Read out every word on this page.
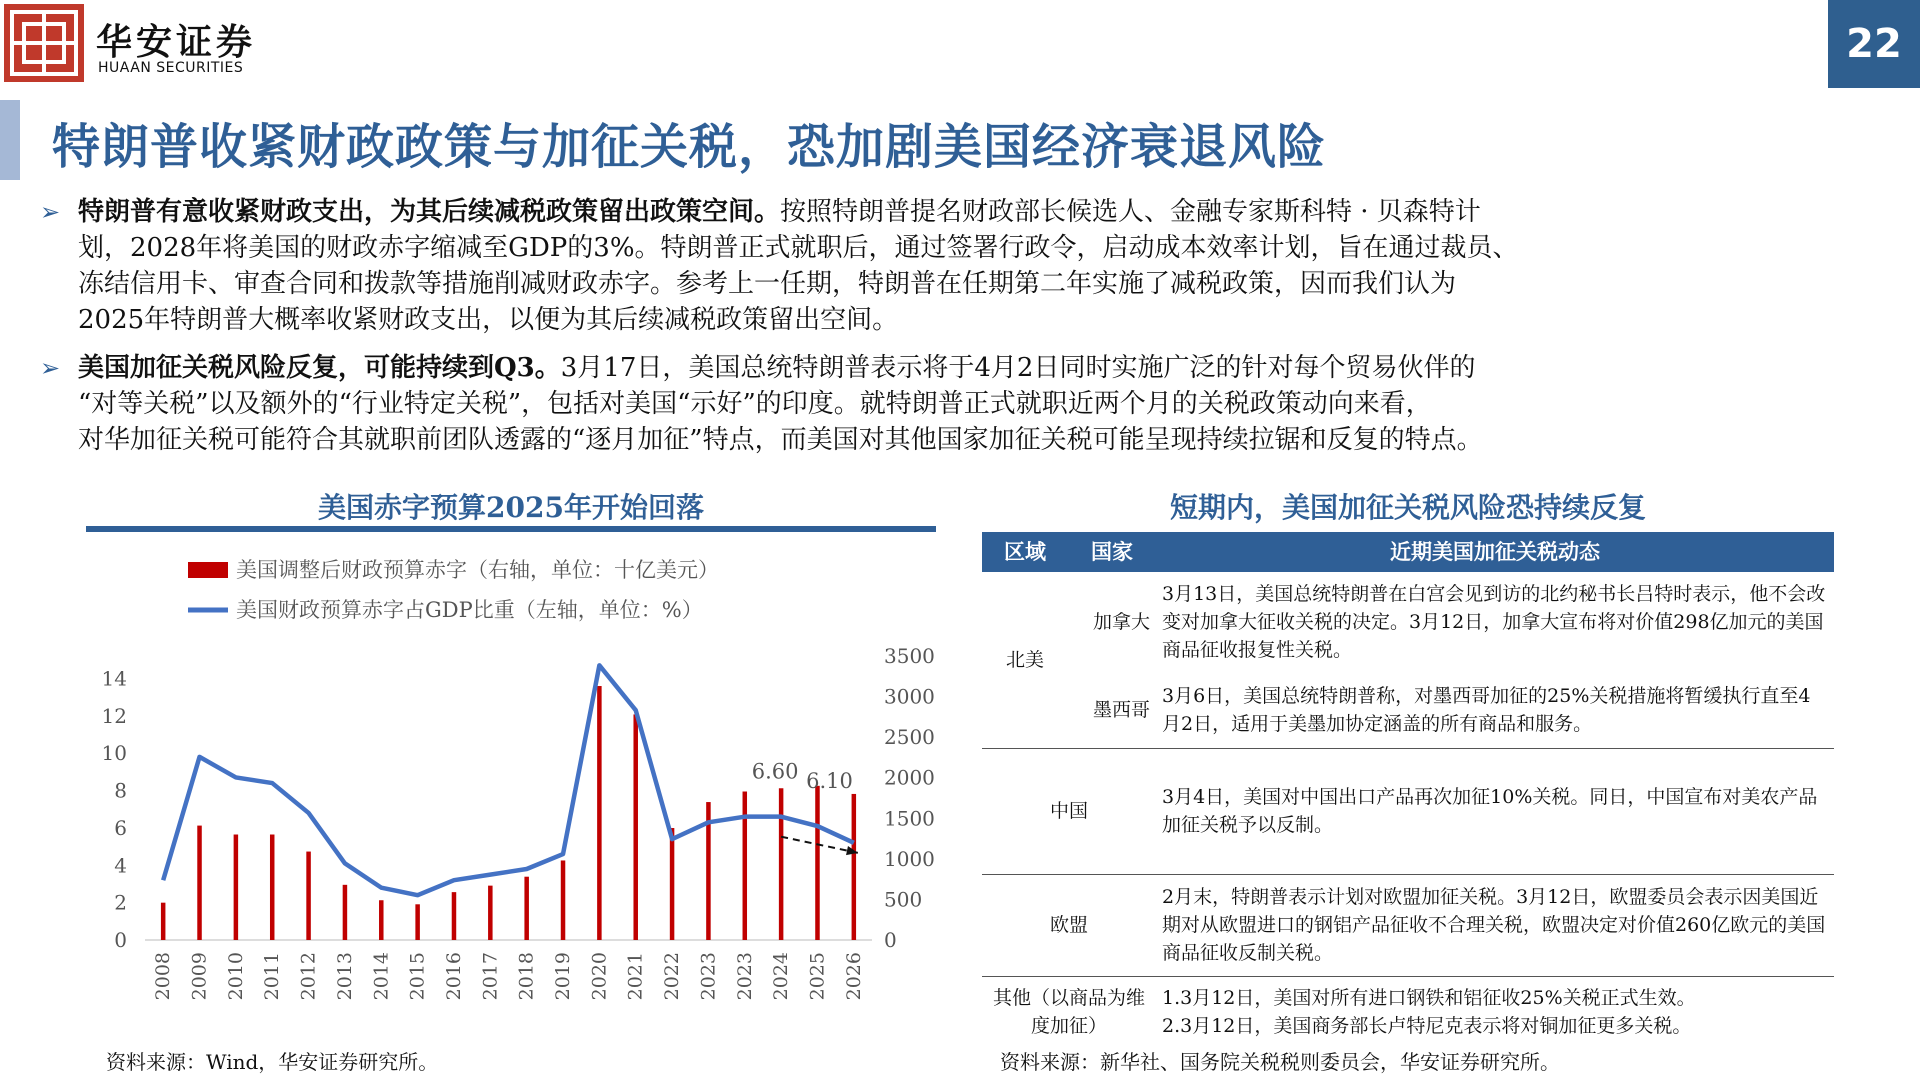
华安证券
HUAAN SECURITIES
22
特朗普收紧财政政策与加征关税，恐加剧美国经济衰退风险
➢ 特朗普有意收紧财政支出，为其后续减税政策留出政策空间。按照特朗普提名财政部长候选人、金融专家斯科特 · 贝森特计
划，2028年将美国的财政赤字缩减至GDP的3%。特朗普正式就职后，通过签署行政令，启动成本效率计划，旨在通过裁员、
冻结信用卡、审查合同和拨款等措施削减财政赤字。参考上一任期，特朗普在任期第二年实施了减税政策，因而我们认为
2025年特朗普大概率收紧财政支出，以便为其后续减税政策留出空间。
➢ 美国加征关税风险反复，可能持续到Q3。3月17日，美国总统特朗普表示将于4月2日同时实施广泛的针对每个贸易伙伴的
“对等关税”以及额外的“行业特定关税”，包括对美国“示好”的印度。就特朗普正式就职近两个月的关税政策动向来看，
对华加征关税可能符合其就职前团队透露的“逐月加征”特点，而美国对其他国家加征关税可能呈现持续拉锯和反复的特点。
美国赤字预算2025年开始回落
美国调整后财政预算赤字（右轴，单位：十亿美元）
美国财政预算赤字占GDP比重（左轴，单位：%）
0
2
4
6
8
10
12
14
0
500
1000
1500
2000
2500
3000
3500
2008 2009 2010 2011 2012 2013 2014 2015 2016 2017 2018 2019 2020 2021 2022 2023 2023 2024 2025 2026
6.60 6.10
资料来源：Wind，华安证券研究所。
短期内，美国加征关税风险恐持续反复
区域	国家	近期美国加征关税动态
北美	加拿大	3月13日，美国总统特朗普在白宫会见到访的北约秘书长吕特时表示，他不会改变对加拿大征收关税的决定。3月12日，加拿大宣布将对价值298亿加元的美国商品征收报复性关税。
	墨西哥	3月6日，美国总统特朗普称，对墨西哥加征的25%关税措施将暂缓执行直至4月2日，适用于美墨加协定涵盖的所有商品和服务。
中国		3月4日，美国对中国出口产品再次加征10%关税。同日，中国宣布对美农产品加征关税予以反制。
欧盟		2月末，特朗普表示计划对欧盟加征关税。3月12日，欧盟委员会表示因美国近期对从欧盟进口的钢铝产品征收不合理关税，欧盟决定对价值260亿欧元的美国商品征收反制关税。
其他（以商品为维度加征）		1.3月12日，美国对所有进口钢铁和铝征收25%关税正式生效。
2.3月12日，美国商务部长卢特尼克表示将对铜加征更多关税。
资料来源：新华社、国务院关税税则委员会，华安证券研究所。
